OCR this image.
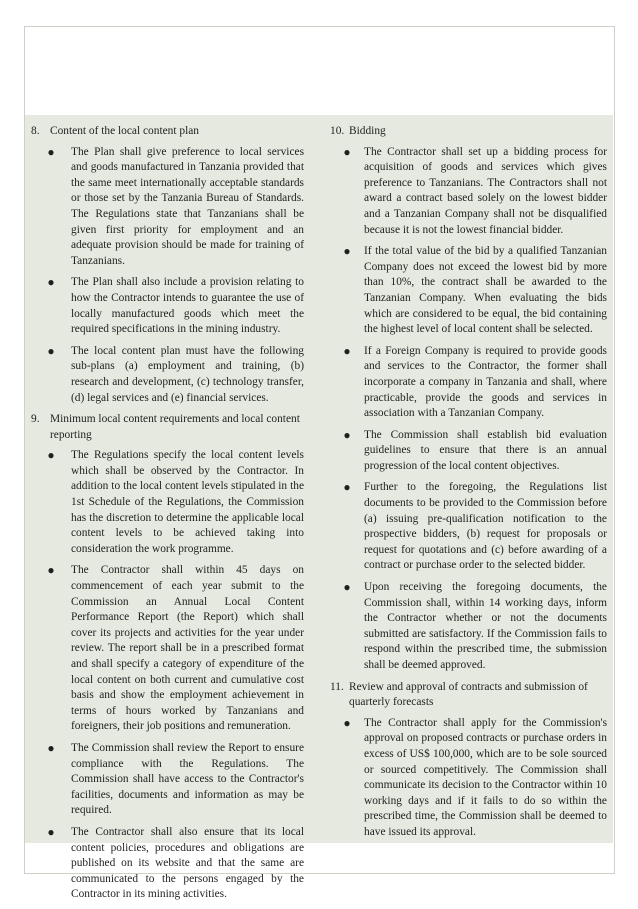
8. Content of the local content plan
●	The Plan shall give preference to local services and goods manufactured in Tanzania provided that the same meet internationally acceptable standards or those set by the Tanzania Bureau of Standards. The Regulations state that Tanzanians shall be given first priority for employment and an adequate provision should be made for training of Tanzanians.
●	The Plan shall also include a provision relating to how the Contractor intends to guarantee the use of locally manufactured goods which meet the required specifications in the mining industry.
●	The local content plan must have the following sub-plans (a) employment and training, (b) research and development, (c) technology transfer, (d) legal services and (e) financial services.
9. Minimum local content requirements and local content reporting
●	The Regulations specify the local content levels which shall be observed by the Contractor. In addition to the local content levels stipulated in the 1st Schedule of the Regulations, the Commission has the discretion to determine the applicable local content levels to be achieved taking into consideration the work programme.
●	The Contractor shall within 45 days on commencement of each year submit to the Commission an Annual Local Content Performance Report (the Report) which shall cover its projects and activities for the year under review. The report shall be in a prescribed format and shall specify a category of expenditure of the local content on both current and cumulative cost basis and show the employment achievement in terms of hours worked by Tanzanians and foreigners, their job positions and remuneration.
●	The Commission shall review the Report to ensure compliance with the Regulations. The Commission shall have access to the Contractor's facilities, documents and information as may be required.
●	The Contractor shall also ensure that its local content policies, procedures and obligations are published on its website and that the same are communicated to the persons engaged by the Contractor in its mining activities.
10. Bidding
●	The Contractor shall set up a bidding process for acquisition of goods and services which gives preference to Tanzanians. The Contractors shall not award a contract based solely on the lowest bidder and a Tanzanian Company shall not be disqualified because it is not the lowest financial bidder.
●	If the total value of the bid by a qualified Tanzanian Company does not exceed the lowest bid by more than 10%, the contract shall be awarded to the Tanzanian Company. When evaluating the bids which are considered to be equal, the bid containing the highest level of local content shall be selected.
●	If a Foreign Company is required to provide goods and services to the Contractor, the former shall incorporate a company in Tanzania and shall, where practicable, provide the goods and services in association with a Tanzanian Company.
●	The Commission shall establish bid evaluation guidelines to ensure that there is an annual progression of the local content objectives.
●	Further to the foregoing, the Regulations list documents to be provided to the Commission before (a) issuing pre-qualification notification to the prospective bidders, (b) request for proposals or request for quotations and (c) before awarding of a contract or purchase order to the selected bidder.
●	Upon receiving the foregoing documents, the Commission shall, within 14 working days, inform the Contractor whether or not the documents submitted are satisfactory. If the Commission fails to respond within the prescribed time, the submission shall be deemed approved.
11. Review and approval of contracts and submission of quarterly forecasts
●	The Contractor shall apply for the Commission's approval on proposed contracts or purchase orders in excess of US$ 100,000, which are to be sole sourced or sourced competitively. The Commission shall communicate its decision to the Contractor within 10 working days and if it fails to do so within the prescribed time, the Commission shall be deemed to have issued its approval.
